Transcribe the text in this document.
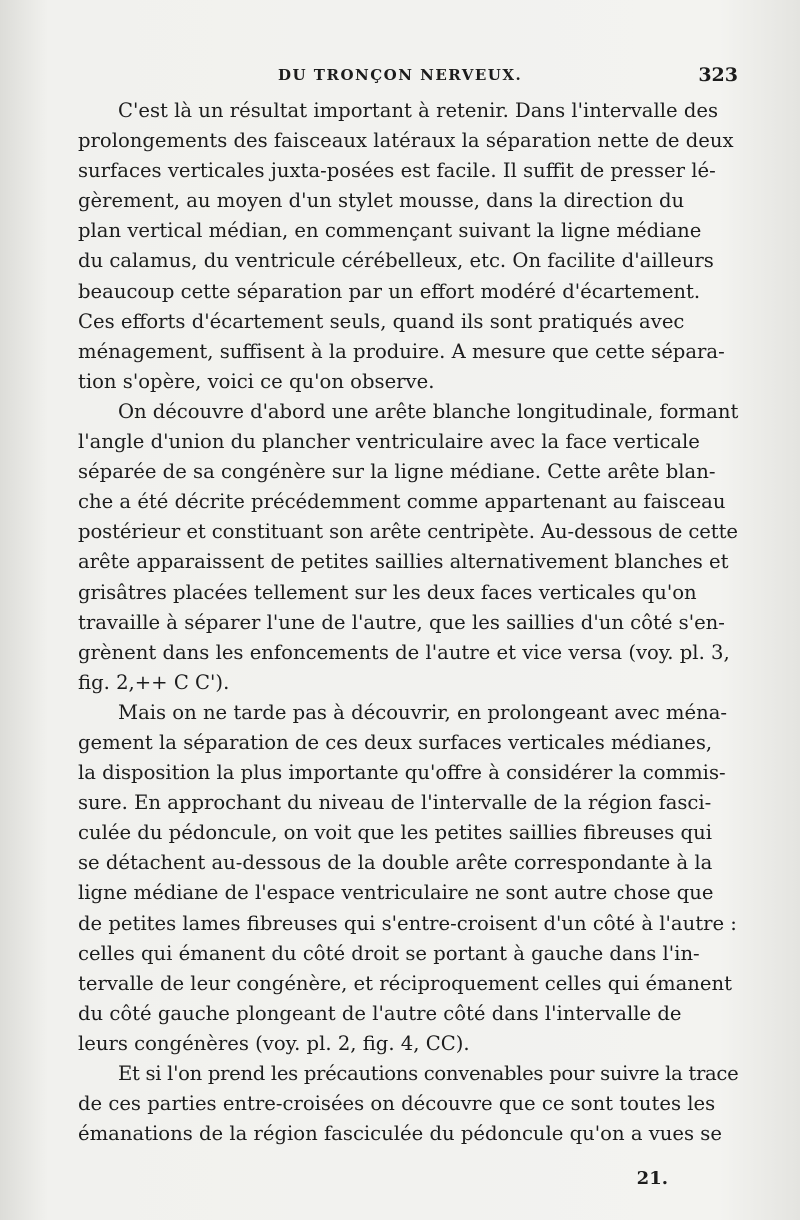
DU TRONÇON NERVEUX.	323

C'est là un résultat important à retenir. Dans l'intervalle des
prolongements des faisceaux latéraux la séparation nette de deux
surfaces verticales juxta-posées est facile. Il suffit de presser lé-
gèrement, au moyen d'un stylet mousse, dans la direction du
plan vertical médian, en commençant suivant la ligne médiane
du calamus, du ventricule cérébelleux, etc. On facilite d'ailleurs
beaucoup cette séparation par un effort modéré d'écartement.
Ces efforts d'écartement seuls, quand ils sont pratiqués avec
ménagement, suffisent à la produire. A mesure que cette sépara-
tion s'opère, voici ce qu'on observe.

On découvre d'abord une arête blanche longitudinale, formant
l'angle d'union du plancher ventriculaire avec la face verticale
séparée de sa congénère sur la ligne médiane. Cette arête blan-
che a été décrite précédemment comme appartenant au faisceau
postérieur et constituant son arête centripète. Au-dessous de cette
arête apparaissent de petites saillies alternativement blanches et
grisâtres placées tellement sur les deux faces verticales qu'on
travaille à séparer l'une de l'autre, que les saillies d'un côté s'en-
grènent dans les enfoncements de l'autre et vice versa (voy. pl. 3,
fig. 2,++ C C').

Mais on ne tarde pas à découvrir, en prolongeant avec ména-
gement la séparation de ces deux surfaces verticales médianes,
la disposition la plus importante qu'offre à considérer la commis-
sure. En approchant du niveau de l'intervalle de la région fasci-
culée du pédoncule, on voit que les petites saillies fibreuses qui
se détachent au-dessous de la double arête correspondante à la
ligne médiane de l'espace ventriculaire ne sont autre chose que
de petites lames fibreuses qui s'entre-croisent d'un côté à l'autre :
celles qui émanent du côté droit se portant à gauche dans l'in-
tervalle de leur congénère, et réciproquement celles qui émanent
du côté gauche plongeant de l'autre côté dans l'intervalle de
leurs congénères (voy. pl. 2, fig. 4, CC).

Et si l'on prend les précautions convenables pour suivre la trace
de ces parties entre-croisées on découvre que ce sont toutes les
émanations de la région fasciculée du pédoncule qu'on a vues se

21.
